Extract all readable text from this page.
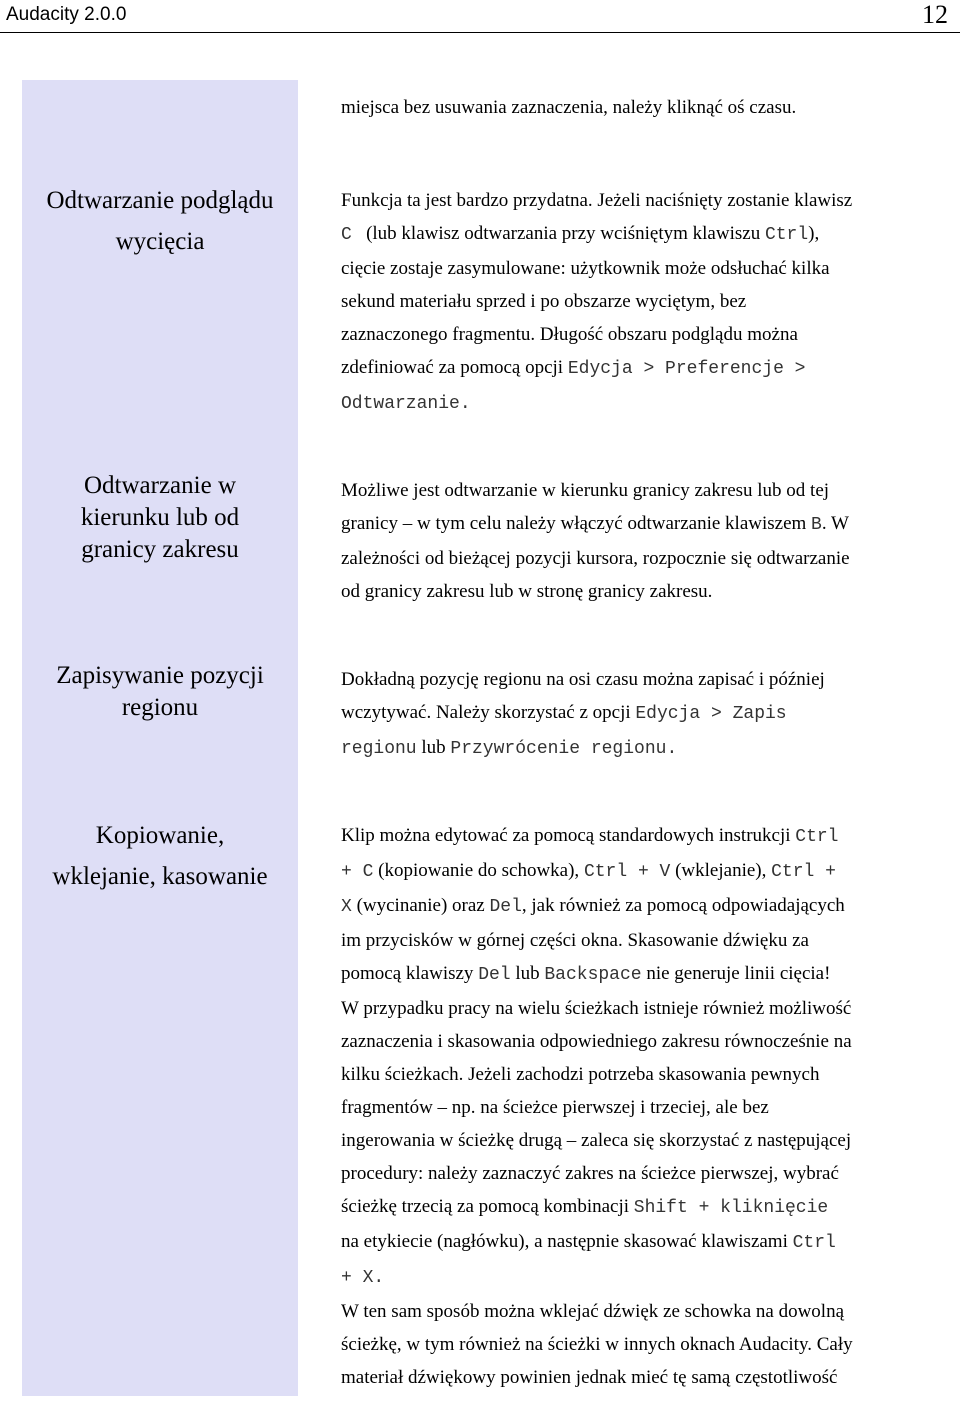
Audacity 2.0.0	12
miejsca bez usuwania zaznaczenia, należy kliknąć oś czasu.
Odtwarzanie podglądu
wycięcia
Funkcja ta jest bardzo przydatna. Jeżeli naciśnięty zostanie klawisz
C   (lub klawisz odtwarzania przy wciśniętym klawiszu Ctrl),
cięcie zostaje zasymulowane: użytkownik może odsłuchać kilka
sekund materiału sprzed i po obszarze wyciętym, bez
zaznaczonego fragmentu. Długość obszaru podglądu można
zdefiniować za pomocą opcji Edycja > Preferencje >
Odtwarzanie.
Odtwarzanie w
kierunku lub od
granicy zakresu
Możliwe jest odtwarzanie w kierunku granicy zakresu lub od tej
granicy – w tym celu należy włączyć odtwarzanie klawiszem B. W
zależności od bieżącej pozycji kursora, rozpocznie się odtwarzanie
od granicy zakresu lub w stronę granicy zakresu.
Zapisywanie pozycji
regionu
Dokładną pozycję regionu na osi czasu można zapisać i później
wczytywać. Należy skorzystać z opcji Edycja > Zapis
regionu lub Przywrócenie regionu.
Kopiowanie,
wklejanie, kasowanie
Klip można edytować za pomocą standardowych instrukcji Ctrl
+ C (kopiowanie do schowka), Ctrl + V (wklejanie), Ctrl +
X (wycinanie) oraz Del, jak również za pomocą odpowiadających
im przycisków w górnej części okna. Skasowanie dźwięku za
pomocą klawiszy Del lub Backspace nie generuje linii cięcia!
W przypadku pracy na wielu ścieżkach istnieje również możliwość
zaznaczenia i skasowania odpowiedniego zakresu równocześnie na
kilku ścieżkach. Jeżeli zachodzi potrzeba skasowania pewnych
fragmentów – np. na ścieżce pierwszej i trzeciej, ale bez
ingerowania w ścieżkę drugą – zaleca się skorzystać z następującej
procedury: należy zaznaczyć zakres na ścieżce pierwszej, wybrać
ścieżkę trzecią za pomocą kombinacji Shift + kliknięcie
na etykiecie (nagłówku), a następnie skasować klawiszami Ctrl
+ X.
W ten sam sposób można wklejać dźwięk ze schowka na dowolną
ścieżkę, w tym również na ścieżki w innych oknach Audacity. Cały
materiał dźwiękowy powinien jednak mieć tę samą częstotliwość
